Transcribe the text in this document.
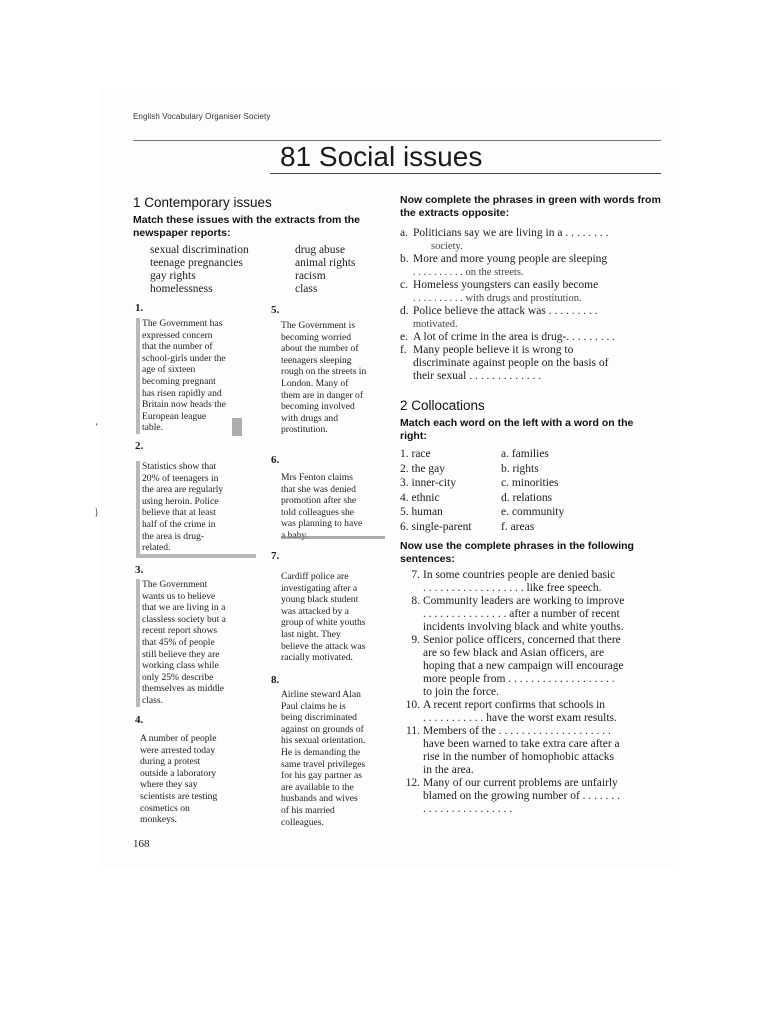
English Vocabulary Organiser Society
81 Social issues
1 Contemporary issues
Match these issues with the extracts from the newspaper reports:
sexual discrimination
teenage pregnancies
gay rights
homelessness
drug abuse
animal rights
racism
class
1.
The Government has
expressed concern
that the number of
school-girls under the
age of sixteen
becoming pregnant
has risen rapidly and
Britain now heads the
European league
table.
2.
Statistics show that
20% of teenagers in
the area are regularly
using heroin. Police
believe that at least
half of the crime in
the area is drug-
related.
3.
The Government
wants us to believe
that we are living in a
classless society but a
recent report shows
that 45% of people
still believe they are
working class while
only 25% describe
themselves as middle
class.
4.
A number of people
were arrested today
during a protest
outside a laboratory
where they say
scientists are testing
cosmetics on
monkeys.
5.
The Government is
becoming worried
about the number of
teenagers sleeping
rough on the streets in
London. Many of
them are in danger of
becoming involved
with drugs and
prostitution.
6.
Mrs Fenton claims
that she was denied
promotion after she
told colleagues she
was planning to have

7.
Cardiff police are
investigating after a
young black student
was attacked by a
group of white youths
last night. They
believe the attack was
racially motivated.
8.
Airline steward Alan
Paul claims he is
being discriminated
against on grounds of
his sexual orientation.
He is demanding the
same travel privileges
for his gay partner as
are available to the
husbands and wives
of his married
colleagues.
Now complete the phrases in green with words from the extracts opposite:
a. Politicians say we are living in a . . . . . . . .
society.
b. More and more young people are sleeping
. . . . . . . . . . on the streets.
c. Homeless youngsters can easily become
. . . . . . . . . . with drugs and prostitution.
d. Police believe the attack was . . . . . . . . .
motivated.
e. A lot of crime in the area is drug-. . . . . . . . .
f. Many people believe it is wrong to
discriminate against people on the basis of
their sexual . . . . . . . . . . . . .
2 Collocations
Match each word on the left with a word on the right:
1. race
2. the gay
3. inner-city
4. ethnic
5. human
6. single-parent
a. families
b. rights
c. minorities
d. relations
e. community
f. areas
Now use the complete phrases in the following sentences:
7. In some countries people are denied basic
. . . . . . . . . . . . . . . . . . like free speech.
8. Community leaders are working to improve
. . . . . . . . . . . . . . . after a number of recent
incidents involving black and white youths.
9. Senior police officers, concerned that there
are so few black and Asian officers, are
hoping that a new campaign will encourage
more people from . . . . . . . . . . . . . . . . . . .
to join the force.
10. A recent report confirms that schools in
. . . . . . . . . . . have the worst exam results.
11. Members of the . . . . . . . . . . . . . . . . . . . .
have been warned to take extra care after a
rise in the number of homophobic attacks
in the area.
12. Many of our current problems are unfairly
blamed on the growing number of . . . . . . .
. . . . . . . . . . . . . . . .
168
‘
}
